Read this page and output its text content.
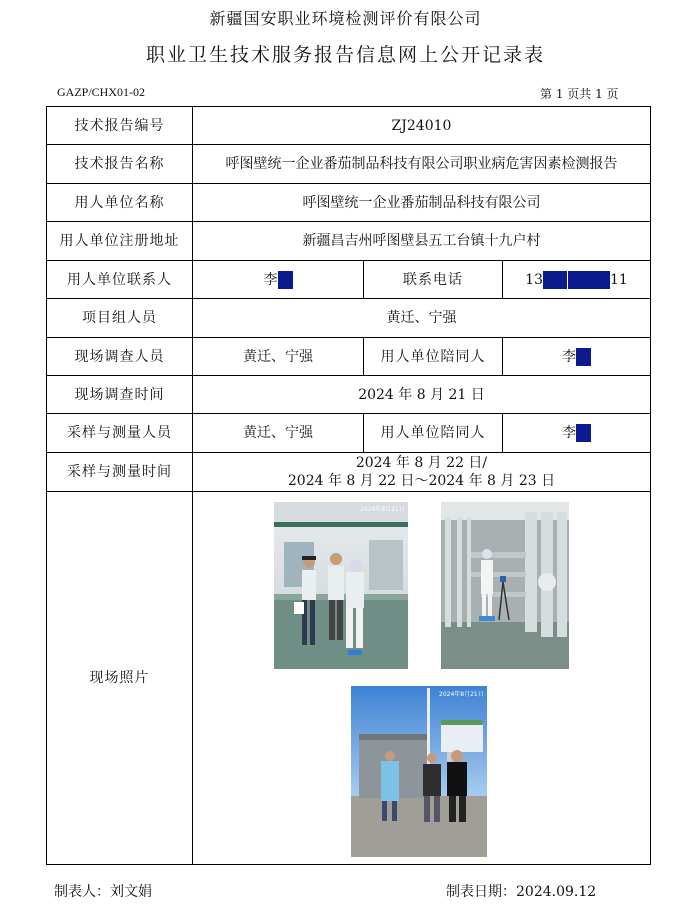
新疆国安职业环境检测评价有限公司
职业卫生技术服务报告信息网上公开记录表
GAZP/CHX01-02	第 1 页共 1 页
技术报告编号	ZJ24010		
技术报告名称	呼图壁统一企业番茄制品科技有限公司职业病危害因素检测报告		
用人单位名称	呼图壁统一企业番茄制品科技有限公司		
用人单位注册地址	新疆昌吉州呼图壁县五工台镇十九户村		
用人单位联系人	李	联系电话	13 11
项目组人员	黄迁、宁强		
现场调查人员	黄迁、宁强	用人单位陪同人	李
现场调查时间	2024 年 8 月 21 日		
采样与测量人员	黄迁、宁强	用人单位陪同人	李
采样与测量时间	2024 年 8 月 22 日/
2024 年 8 月 22 日～2024 年 8 月 23 日		

现场照片	2024年8月21日
2024年8月21日		
制表人：刘文娟	制表日期：2024.09.12
